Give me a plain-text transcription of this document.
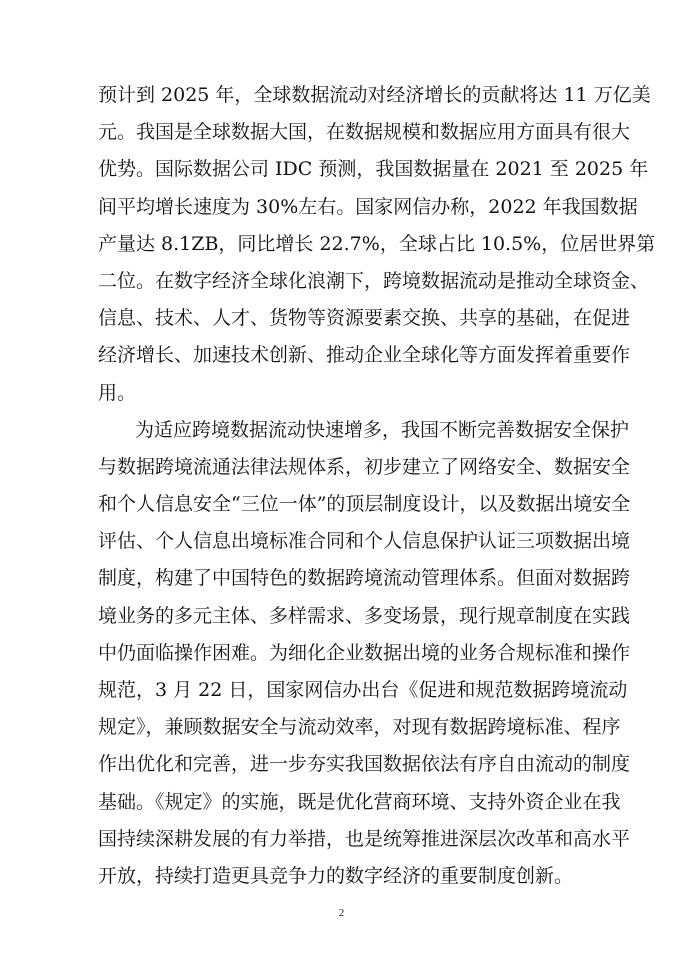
预计到 2025 年，全球数据流动对经济增长的贡献将达 11 万亿美
元。我国是全球数据大国，在数据规模和数据应用方面具有很大
优势。国际数据公司 IDC 预测，我国数据量在 2021 至 2025 年
间平均增长速度为 30%左右。国家网信办称，2022 年我国数据
产量达 8.1ZB，同比增长 22.7%，全球占比 10.5%，位居世界第
二位。在数字经济全球化浪潮下，跨境数据流动是推动全球资金、
信息、技术、人才、货物等资源要素交换、共享的基础，在促进
经济增长、加速技术创新、推动企业全球化等方面发挥着重要作
用。
为适应跨境数据流动快速增多，我国不断完善数据安全保护
与数据跨境流通法律法规体系，初步建立了网络安全、数据安全
和个人信息安全“三位一体”的顶层制度设计，以及数据出境安全
评估、个人信息出境标准合同和个人信息保护认证三项数据出境
制度，构建了中国特色的数据跨境流动管理体系。但面对数据跨
境业务的多元主体、多样需求、多变场景，现行规章制度在实践
中仍面临操作困难。为细化企业数据出境的业务合规标准和操作
规范，3 月 22 日，国家网信办出台《促进和规范数据跨境流动
规定》，兼顾数据安全与流动效率，对现有数据跨境标准、程序
作出优化和完善，进一步夯实我国数据依法有序自由流动的制度
基础。《规定》的实施，既是优化营商环境、支持外资企业在我
国持续深耕发展的有力举措，也是统筹推进深层次改革和高水平
开放，持续打造更具竞争力的数字经济的重要制度创新。
2
